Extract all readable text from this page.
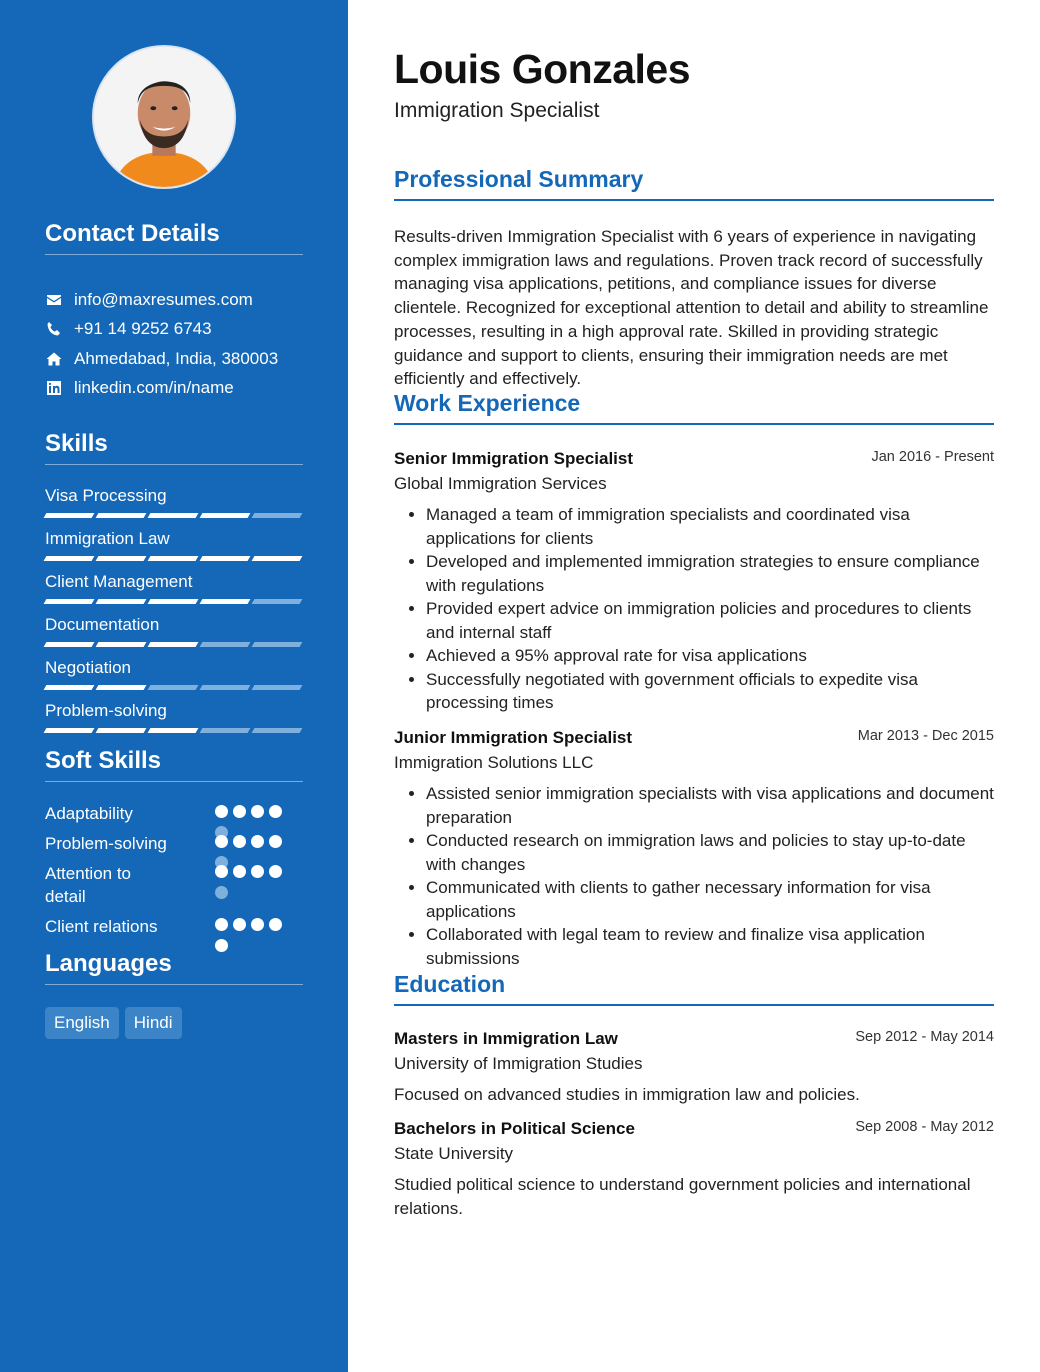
Contact Details
info@maxresumes.com
+91 14 9252 6743
Ahmedabad, India, 380003
linkedin.com/in/name
Skills
Visa Processing
Immigration Law
Client Management
Documentation
Negotiation
Problem-solving
Soft Skills
Adaptability
Problem-solving
Attention to detail
Client relations
Languages
English	Hindi
Louis Gonzales
Immigration Specialist
Professional Summary

Results-driven Immigration Specialist with 6 years of experience in navigating complex immigration laws and regulations. Proven track record of successfully managing visa applications, petitions, and compliance issues for diverse clientele. Recognized for exceptional attention to detail and ability to streamline processes, resulting in a high approval rate. Skilled in providing strategic guidance and support to clients, ensuring their immigration needs are met efficiently and effectively.

Work Experience
Senior Immigration Specialist	Jan 2016 - Present
Global Immigration Services
• Managed a team of immigration specialists and coordinated visa applications for clients
• Developed and implemented immigration strategies to ensure compliance with regulations
• Provided expert advice on immigration policies and procedures to clients and internal staff
• Achieved a 95% approval rate for visa applications
• Successfully negotiated with government officials to expedite visa processing times
Junior Immigration Specialist	Mar 2013 - Dec 2015
Immigration Solutions LLC
• Assisted senior immigration specialists with visa applications and document preparation
• Conducted research on immigration laws and policies to stay up-to-date with changes
• Communicated with clients to gather necessary information for visa applications
• Collaborated with legal team to review and finalize visa application submissions
Education
Masters in Immigration Law	Sep 2012 - May 2014
University of Immigration Studies

Focused on advanced studies in immigration law and policies.

Bachelors in Political Science	Sep 2008 - May 2012
State University

Studied political science to understand government policies and international relations.
